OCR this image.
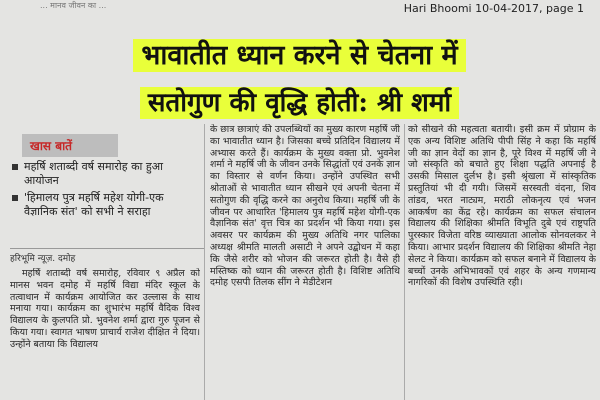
... मानव जीवन का ...	Hari Bhoomi 10-04-2017, page 1
भावातीत ध्यान करने से चेतना में
सतोगुण की वृद्धि होती: श्री शर्मा
खास बातें
महर्षि शताब्दी वर्ष समारोह का हुआ आयोजन
'हिमालय पुत्र महर्षि महेश योगी-एक वैज्ञानिक संत' को सभी ने सराहा
हरिभूमि न्यूज़. दमोह
महर्षि शताब्दी वर्ष समारोह, रविवार ९ अप्रैल को मानस भवन दमोह में महर्षि विद्या मंदिर स्कूल के तत्वाधान में कार्यक्रम आयोजित कर उल्लास के साथ मनाया गया। कार्यक्रम का शुभारंभ महर्षि वैदिक विश्व विद्यालय के कुलपति प्रो. भुवनेश शर्मा द्वारा गुरु पूजन से किया गया। स्वागत भाषण प्राचार्य राजेश दीक्षित ने दिया। उन्होंने बताया कि विद्यालय
के छात्र छात्राएं की उपलब्धियों का मुख्य कारण महर्षि जी का भावातीत ध्यान है। जिसका बच्चे प्रतिदिन विद्यालय में अभ्यास करते हैं। कार्यक्रम के मुख्य वक्ता प्रो. भुवनेश शर्मा ने महर्षि जी के जीवन उनके सिद्धांतों एवं उनके ज्ञान का विस्तार से वर्णन किया। उन्होंने उपस्थित सभी श्रोताओं से भावातीत ध्यान सीखने एवं अपनी चेतना में सतोगुण की वृद्धि करने का अनुरोध किया। महर्षि जी के जीवन पर आधारित 'हिमालय पुत्र महर्षि महेश योगी-एक वैज्ञानिक संत' वृत्त चित्र का प्रदर्शन भी किया गया। इस अवसर पर कार्यक्रम की मुख्य अतिथि नगर पालिका अध्यक्ष श्रीमति मालती असाटी ने अपने उद्बोधन में कहा कि जैसे शरीर को भोजन की जरूरत होती है। वैसे ही मस्तिष्क को ध्यान की जरूरत होती है। विशिष्ट अतिथि दमोह एसपी तिलक सींग ने मेडीटेशन
को सीखने की महत्वता बतायी। इसी क्रम में प्रोग्राम के एक अन्य विशिष्ट अतिथि पीपी सिंह ने कहा कि महर्षि जी का ज्ञान वेदों का ज्ञान है, पूरे विश्व में महर्षि जी ने जो संस्कृति को बचाते हुए शिक्षा पद्धति अपनाई है उसकी मिसाल दुर्लभ है। इसी श्रृंखला में सांस्कृतिक प्रस्तुतियां भी दी गयी। जिसमें सरस्वती वंदना, शिव तांडव, भरत नाट्यम, मराठी लोकनृत्य एवं भजन आकर्षण का केंद्र रहे। कार्यक्रम का सफल संचालन विद्यालय की शिक्षिका श्रीमति विभूति दुबे एवं राष्ट्रपति पुरस्कार विजेता वरिष्ठ व्याख्याता आलोक सोनवलकर ने किया। आभार प्रदर्शन विद्यालय की शिक्षिका श्रीमति नेहा सेलट ने किया। कार्यक्रम को सफल बनाने में विद्यालय के बच्चों उनके अभिभावकों एवं शहर के अन्य गणमान्य नागरिकों की विशेष उपस्थिति रही।
